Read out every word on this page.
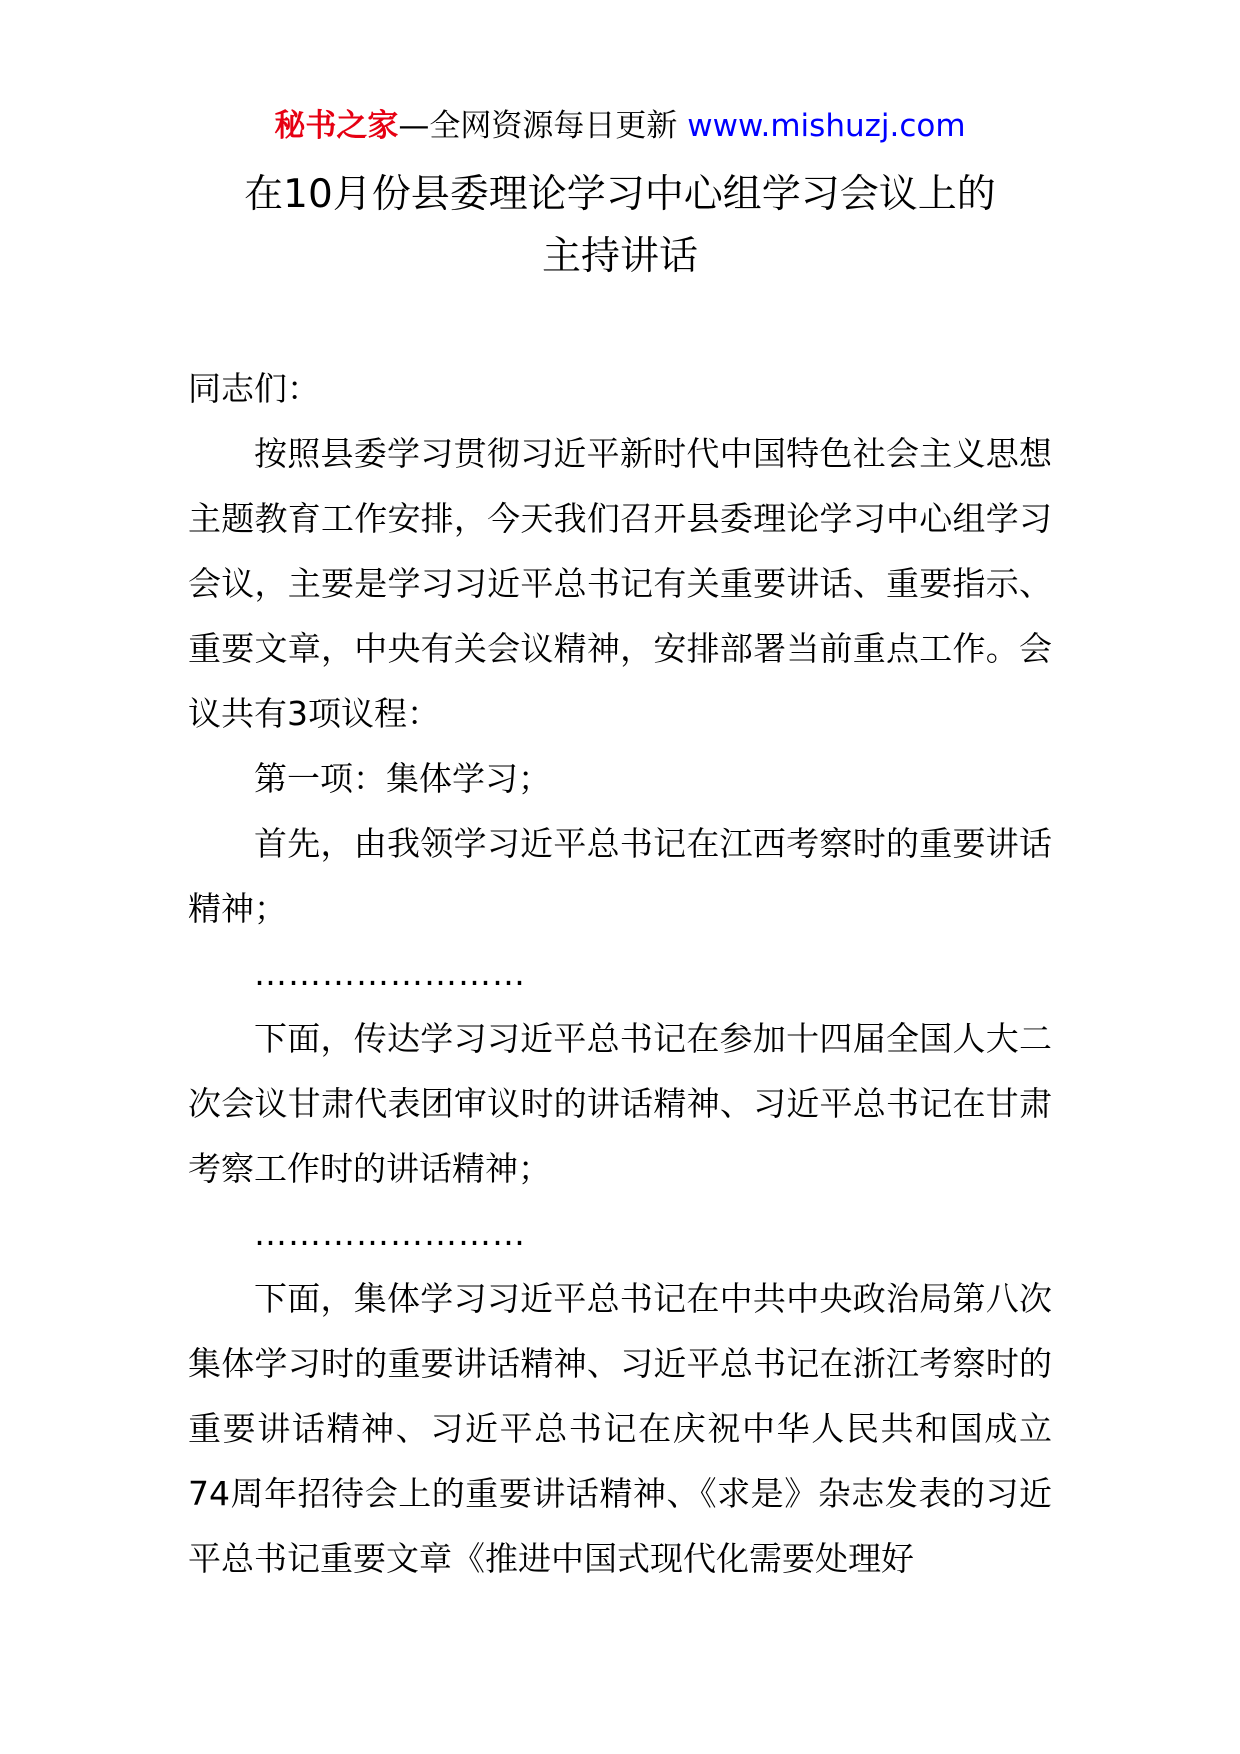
秘书之家—全网资源每日更新 www.mishuzj.com
在10月份县委理论学习中心组学习会议上的
主持讲话

同志们：

按照县委学习贯彻习近平新时代中国特色社会主义思想主题教育工作安排，今天我们召开县委理论学习中心组学习会议，主要是学习习近平总书记有关重要讲话、重要指示、重要文章，中央有关会议精神，安排部署当前重点工作。会议共有3项议程：

第一项：集体学习；

首先，由我领学习近平总书记在江西考察时的重要讲话精神；

……………………

下面，传达学习习近平总书记在参加十四届全国人大二次会议甘肃代表团审议时的讲话精神、习近平总书记在甘肃考察工作时的讲话精神；

……………………

下面，集体学习习近平总书记在中共中央政治局第八次集体学习时的重要讲话精神、习近平总书记在浙江考察时的重要讲话精神、习近平总书记在庆祝中华人民共和国成立74周年招待会上的重要讲话精神、《求是》杂志发表的习近平总书记重要文章《推进中国式现代化需要处理好
